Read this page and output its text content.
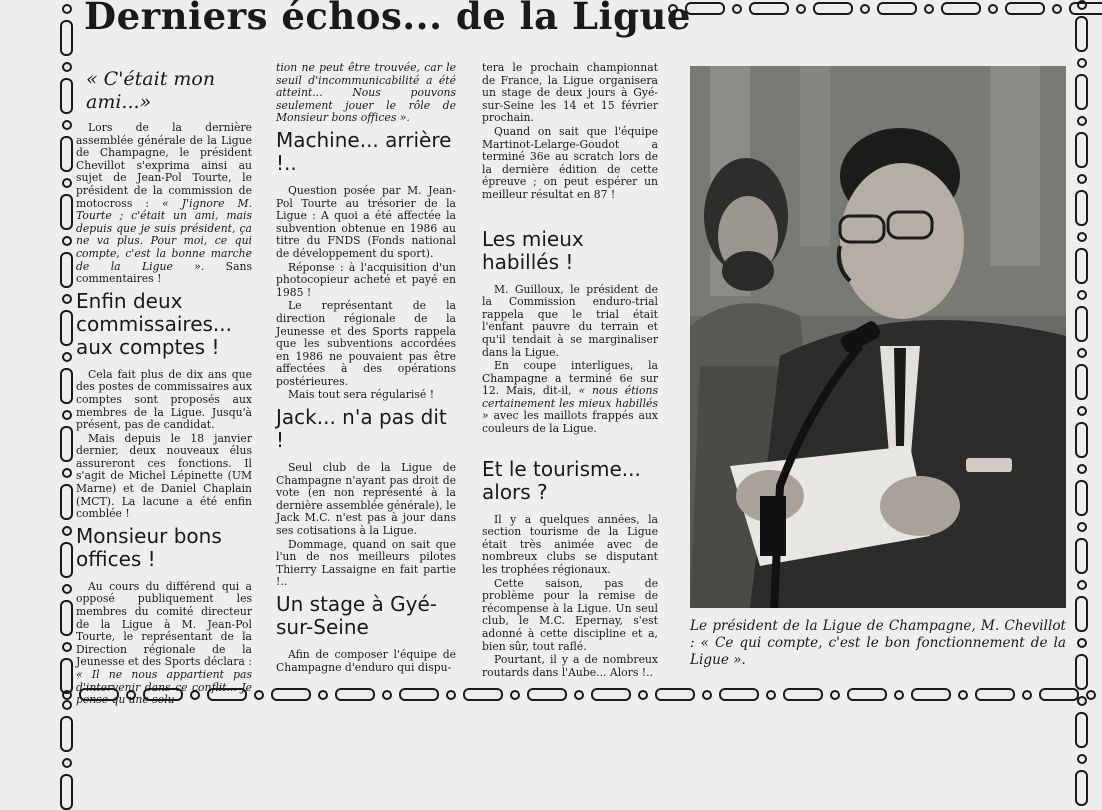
Derniers échos... de la Ligue
« C'était mon ami...»

Lors de la dernière assemblée générale de la Ligue de Champagne, le président Chevillot s'exprima ainsi au sujet de Jean-Pol Tourte, le président de la commission de motocross : « J'ignore M. Tourte ; c'était un ami, mais depuis que je suis président, ça ne va plus. Pour moi, ce qui compte, c'est la bonne marche de la Ligue ». Sans commentaires !

Enfin deux commissaires... aux comptes !

Cela fait plus de dix ans que des postes de commissaires aux comptes sont proposés aux membres de la Ligue. Jusqu'à présent, pas de candidat.

Mais depuis le 18 janvier dernier, deux nouveaux élus assureront ces fonctions. Il s'agit de Michel Lépinette (UM Marne) et de Daniel Chaplain (MCT). La lacune a été enfin comblée !

Monsieur bons offices !

Au cours du différend qui a opposé publiquement les membres du comité directeur de la Ligue à M. Jean-Pol Tourte, le représentant de la Direction régionale de la Jeunesse et des Sports déclara : « Il ne nous appartient pas d'intervenir dans ce conflit... Je pense qu'une solu-

tion ne peut être trouvée, car le seuil d'incommunicabilité a été atteint... Nous pouvons seulement jouer le rôle de Monsieur bons offices ».

Machine... arrière !..

Question posée par M. Jean-Pol Tourte au trésorier de la Ligue : A quoi a été affectée la subvention obtenue en 1986 au titre du FNDS (Fonds national de développement du sport).

Réponse : à l'acquisition d'un photocopieur acheté et payé en 1985 !

Le représentant de la direction régionale de la Jeunesse et des Sports rappela que les subventions accordées en 1986 ne pouvaient pas être affectées à des opérations postérieures.

Mais tout sera régularisé !

Jack... n'a pas dit !

Seul club de la Ligue de Champagne n'ayant pas droit de vote (en non représenté à la dernière assemblée générale), le Jack M.C. n'est pas à jour dans ses cotisations à la Ligue.

Dommage, quand on sait que l'un de nos meilleurs pilotes Thierry Lassaigne en fait partie !..

Un stage à Gyé-sur-Seine

Afin de composer l'équipe de Champagne d'enduro qui dispu-

tera le prochain championnat de France, la Ligue organisera un stage de deux jours à Gyé-sur-Seine les 14 et 15 février prochain.

Quand on sait que l'équipe Martinot-Lelarge-Goudot a terminé 36e au scratch lors de la dernière édition de cette épreuve ; on peut espérer un meilleur résultat en 87 !

Les mieux habillés !

M. Guilloux, le président de la Commission enduro-trial rappela que le trial était l'enfant pauvre du terrain et qu'il tendait à se marginaliser dans la Ligue.

En coupe interligues, la Champagne a terminé 6e sur 12. Mais, dit-il, « nous étions certainement les mieux habillés » avec les maillots frappés aux couleurs de la Ligue.

Et le tourisme... alors ?

Il y a quelques années, la section tourisme de la Ligue était très animée avec de nombreux clubs se disputant les trophées régionaux.

Cette saison, pas de problème pour la remise de récompense à la Ligue. Un seul club, le M.C. Epernay, s'est adonné à cette discipline et a, bien sûr, tout raflé.

Pourtant, il y a de nombreux routards dans l'Aube... Alors !..

Le président de la Ligue de Champagne, M. Chevillot : « Ce qui compte, c'est le bon fonctionnement de la Ligue ».
